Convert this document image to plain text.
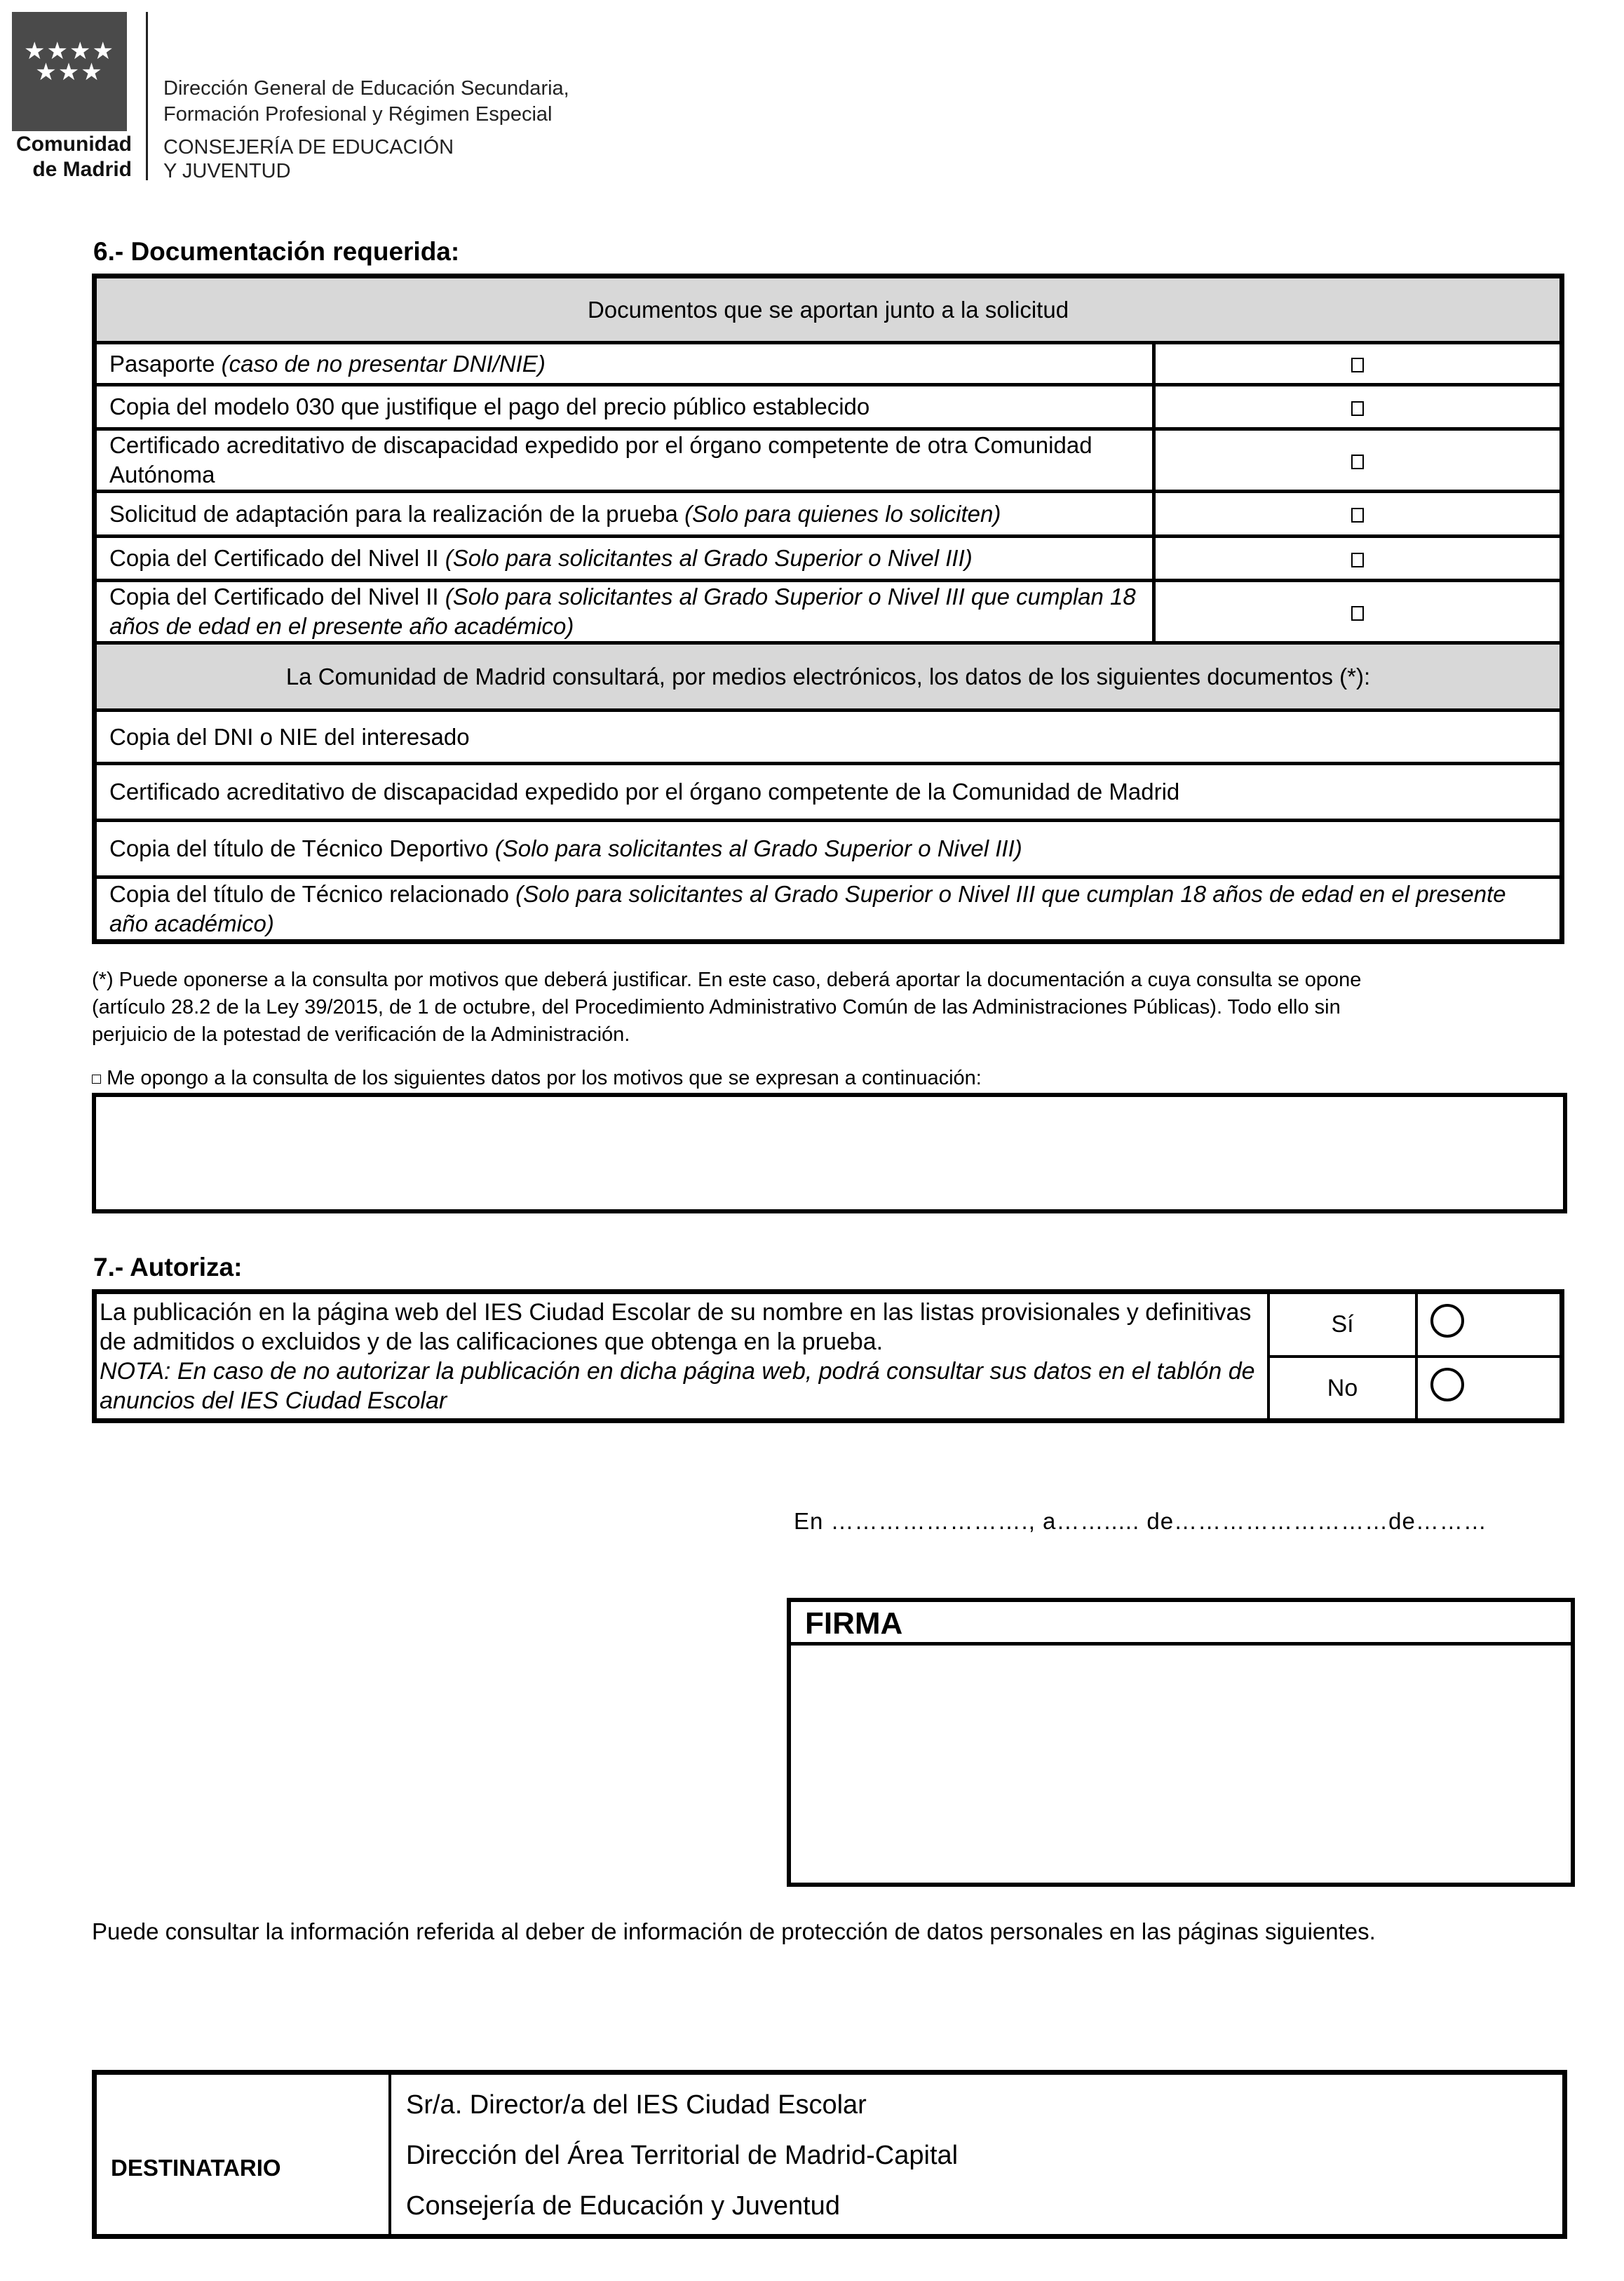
★★★★
★★★
Comunidad
de Madrid
Dirección General de Educación Secundaria,
Formación Profesional y Régimen Especial
CONSEJERÍA DE EDUCACIÓN
Y JUVENTUD
6.- Documentación requerida:
Documentos que se aportan junto a la solicitud	
Pasaporte (caso de no presentar DNI/NIE)	
Copia del modelo 030 que justifique el pago del precio público establecido	
Certificado acreditativo de discapacidad expedido por el órgano competente de otra Comunidad Autónoma	
Solicitud de adaptación para la realización de la prueba (Solo para quienes lo soliciten)	
Copia del Certificado del Nivel II (Solo para solicitantes al Grado Superior o Nivel III)	
Copia del Certificado del Nivel II (Solo para solicitantes al Grado Superior o Nivel III que cumplan 18 años de edad en el presente año académico)	
La Comunidad de Madrid consultará, por medios electrónicos, los datos de los siguientes documentos (*):	
Copia del DNI o NIE del interesado	
Certificado acreditativo de discapacidad expedido por el órgano competente de la Comunidad de Madrid	
Copia del título de Técnico Deportivo (Solo para solicitantes al Grado Superior o Nivel III)	
Copia del título de Técnico relacionado (Solo para solicitantes al Grado Superior o Nivel III que cumplan 18 años de edad en el presente año académico)	
(*) Puede oponerse a la consulta por motivos que deberá justificar. En este caso, deberá aportar la documentación a cuya consulta se opone
(artículo 28.2 de la Ley 39/2015, de 1 de octubre, del Procedimiento Administrativo Común de las Administraciones Públicas). Todo ello sin
perjuicio de la potestad de verificación de la Administración.
Me opongo a la consulta de los siguientes datos por los motivos que se expresan a continuación:
7.- Autoriza:
La publicación en la página web del IES Ciudad Escolar de su nombre en las listas provisionales y definitivas de admitidos o excluidos y de las calificaciones que obtenga en la prueba.
NOTA: En caso de no autorizar la publicación en dicha página web, podrá consultar sus datos en el tablón de anuncios del IES Ciudad Escolar	Sí	
	No	
En ……………………., a……..... de………………………de………
FIRMA
Puede consultar la información referida al deber de información de protección de datos personales en las páginas siguientes.
DESTINATARIO	
Sr/a. Director/a del IES Ciudad Escolar
Dirección del Área Territorial de Madrid-Capital
Consejería de Educación y Juventud
